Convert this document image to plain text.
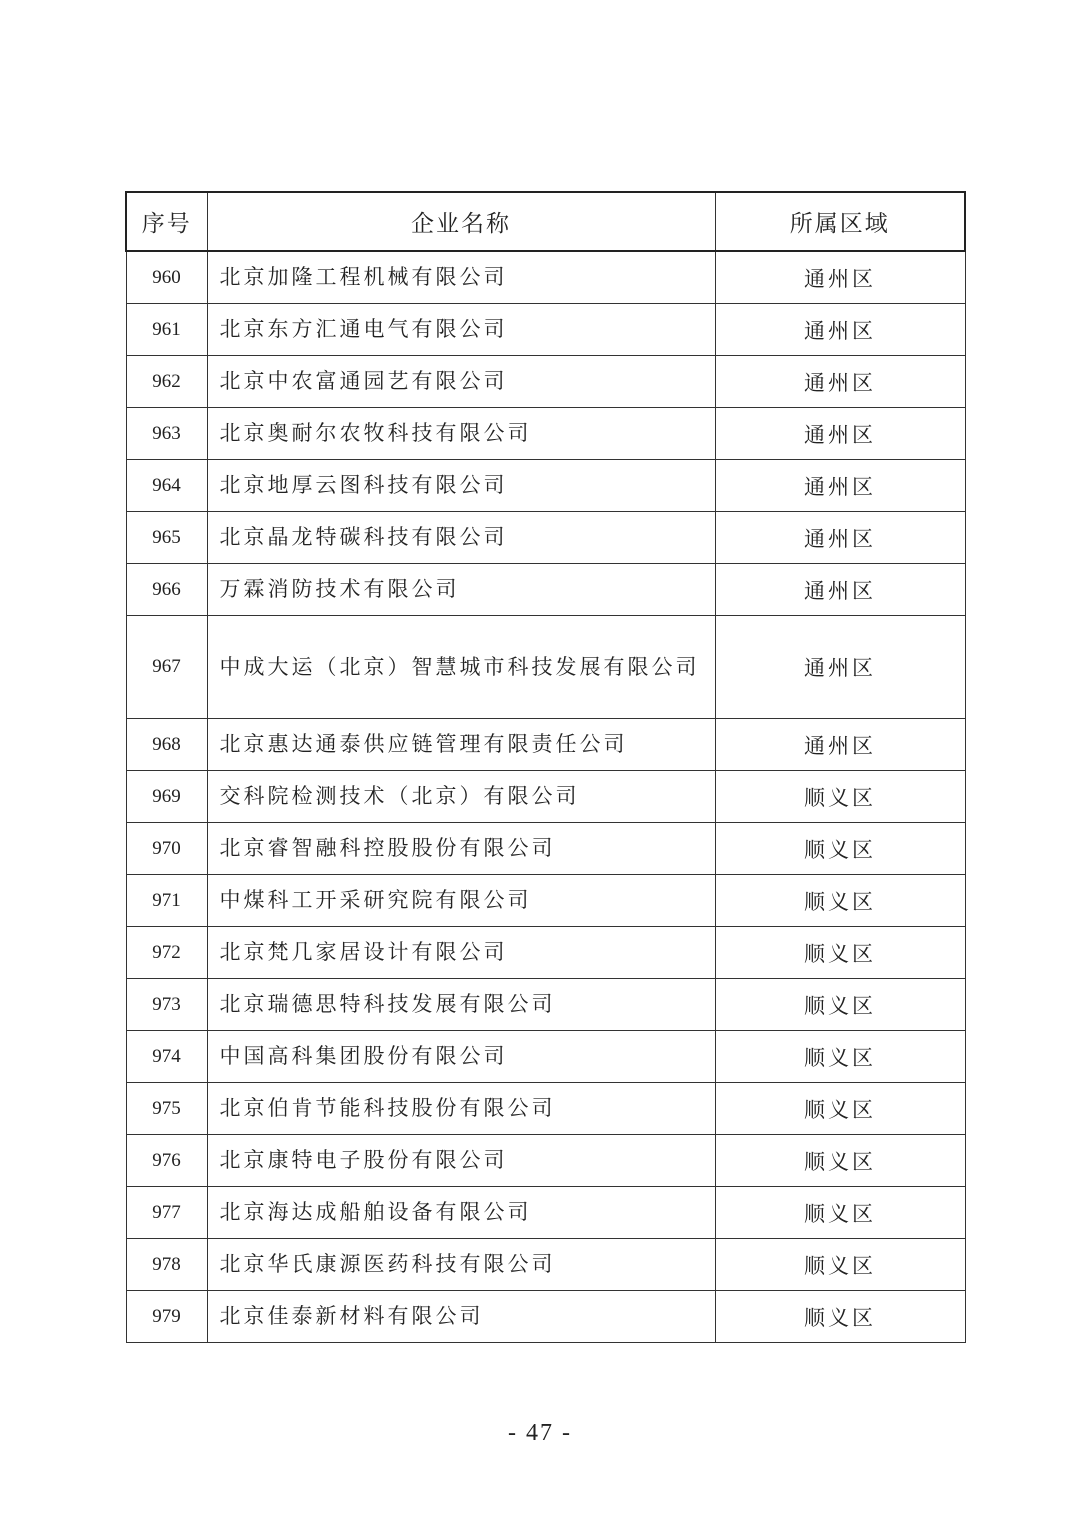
序号	企业名称	所属区域
960	北京加隆工程机械有限公司	通州区
961	北京东方汇通电气有限公司	通州区
962	北京中农富通园艺有限公司	通州区
963	北京奥耐尔农牧科技有限公司	通州区
964	北京地厚云图科技有限公司	通州区
965	北京晶龙特碳科技有限公司	通州区
966	万霖消防技术有限公司	通州区
967	中成大运（北京）智慧城市科技发展有限公司	通州区
968	北京惠达通泰供应链管理有限责任公司	通州区
969	交科院检测技术（北京）有限公司	顺义区
970	北京睿智融科控股股份有限公司	顺义区
971	中煤科工开采研究院有限公司	顺义区
972	北京梵几家居设计有限公司	顺义区
973	北京瑞德思特科技发展有限公司	顺义区
974	中国高科集团股份有限公司	顺义区
975	北京伯肯节能科技股份有限公司	顺义区
976	北京康特电子股份有限公司	顺义区
977	北京海达成船舶设备有限公司	顺义区
978	北京华氏康源医药科技有限公司	顺义区
979	北京佳泰新材料有限公司	顺义区
- 47 -
